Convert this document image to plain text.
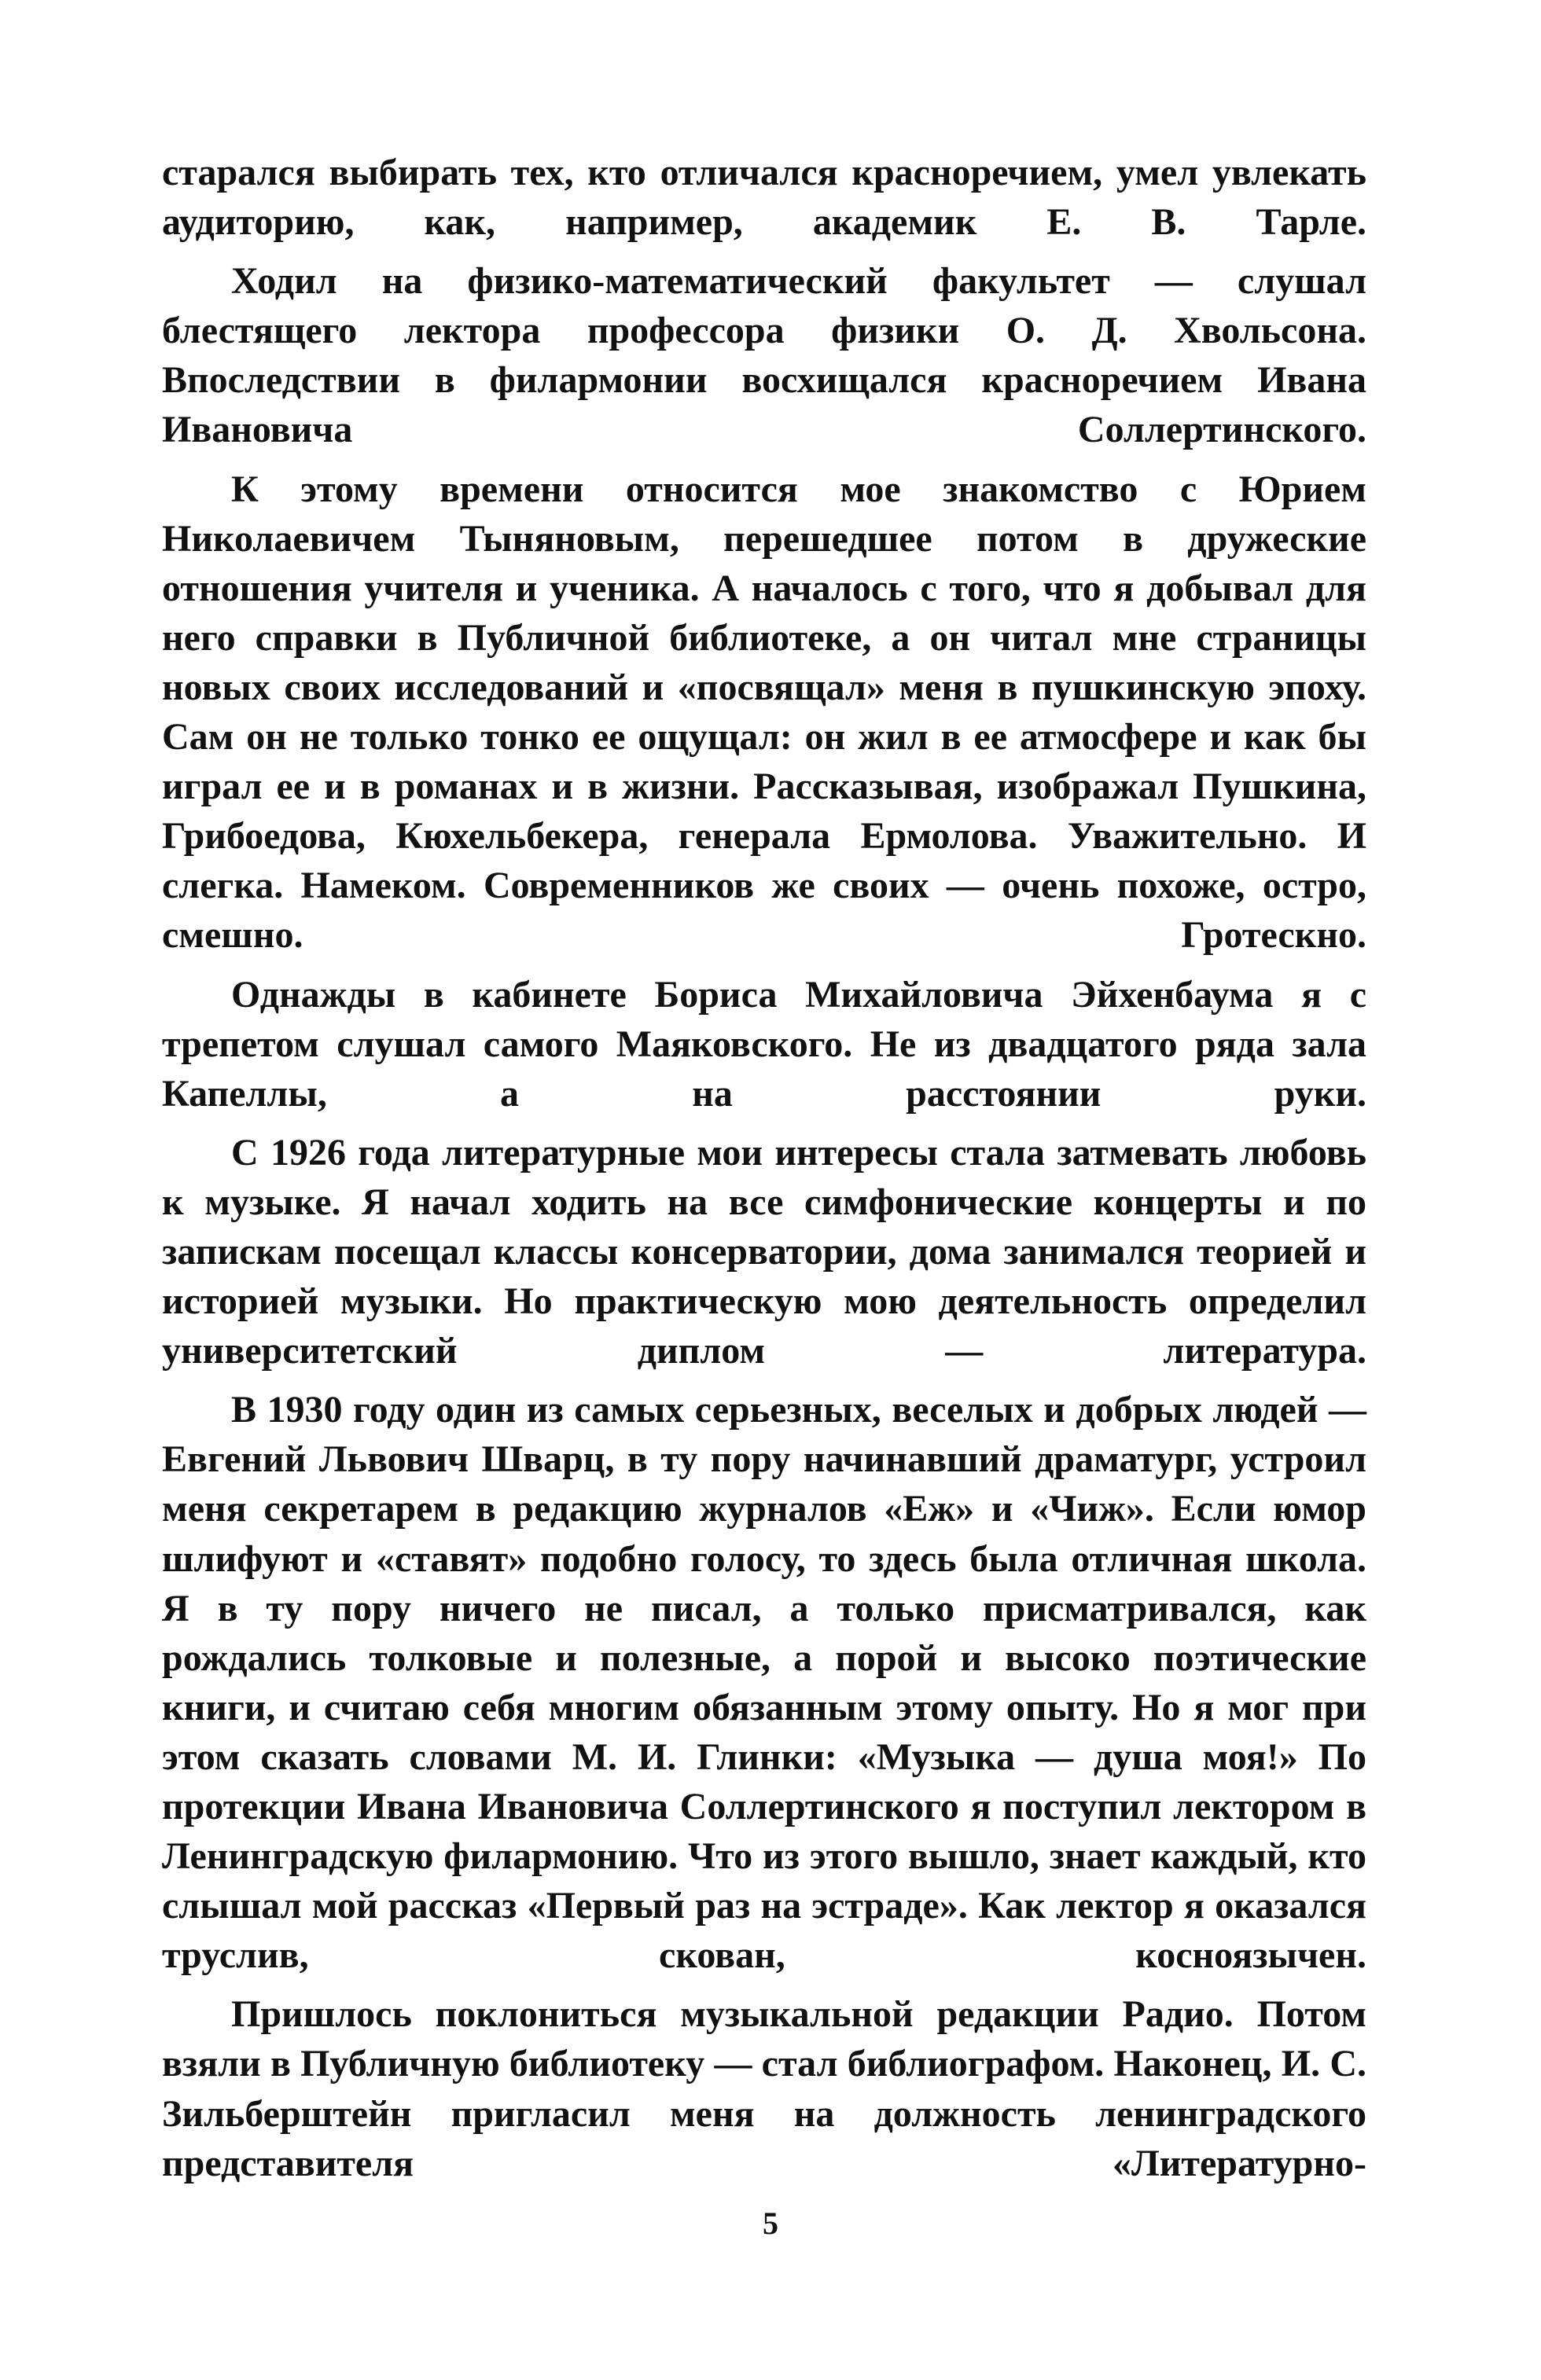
старался выбирать тех, кто отличался красноречием, умел увлекать аудиторию, как, например, академик Е. В. Тарле.

Ходил на физико-математический факультет — слушал блестящего лектора профессора физики О. Д. Хвольсона. Впоследствии в филармонии восхищался красноречием Ивана Ивановича Соллертинского.

К этому времени относится мое знакомство с Юрием Николаевичем Тыняновым, перешедшее потом в дружеские отношения учителя и ученика. А началось с того, что я добывал для него справки в Публичной библиотеке, а он читал мне страницы новых своих исследований и «посвящал» меня в пушкинскую эпоху. Сам он не только тонко ее ощущал: он жил в ее атмосфере и как бы играл ее и в романах и в жизни. Рассказывая, изображал Пушкина, Грибоедова, Кюхельбекера, генерала Ермолова. Уважительно. И слегка. Намеком. Современников же своих — очень похоже, остро, смешно. Гротескно.

Однажды в кабинете Бориса Михайловича Эйхенбаума я с трепетом слушал самого Маяковского. Не из двадцатого ряда зала Капеллы, а на расстоянии руки.

С 1926 года литературные мои интересы стала затмевать любовь к музыке. Я начал ходить на все симфонические концерты и по запискам посещал классы консерватории, дома занимался теорией и историей музыки. Но практическую мою деятельность определил университетский диплом — литература.

В 1930 году один из самых серьезных, веселых и добрых людей — Евгений Львович Шварц, в ту пору начинавший драматург, устроил меня секретарем в редакцию журналов «Еж» и «Чиж». Если юмор шлифуют и «ставят» подобно голосу, то здесь была отличная школа. Я в ту пору ничего не писал, а только присматривался, как рождались толковые и полезные, а порой и высоко поэтические книги, и считаю себя многим обязанным этому опыту. Но я мог при этом сказать словами М. И. Глинки: «Музыка — душа моя!» По протекции Ивана Ивановича Соллертинского я поступил лектором в Ленинградскую филармонию. Что из этого вышло, знает каждый, кто слышал мой рассказ «Первый раз на эстраде». Как лектор я оказался труслив, скован, косноязычен.

Пришлось поклониться музыкальной редакции Радио. Потом взяли в Публичную библиотеку — стал библиографом. Наконец, И. С. Зильберштейн пригласил меня на должность ленинградского представителя «Литературно-

5
